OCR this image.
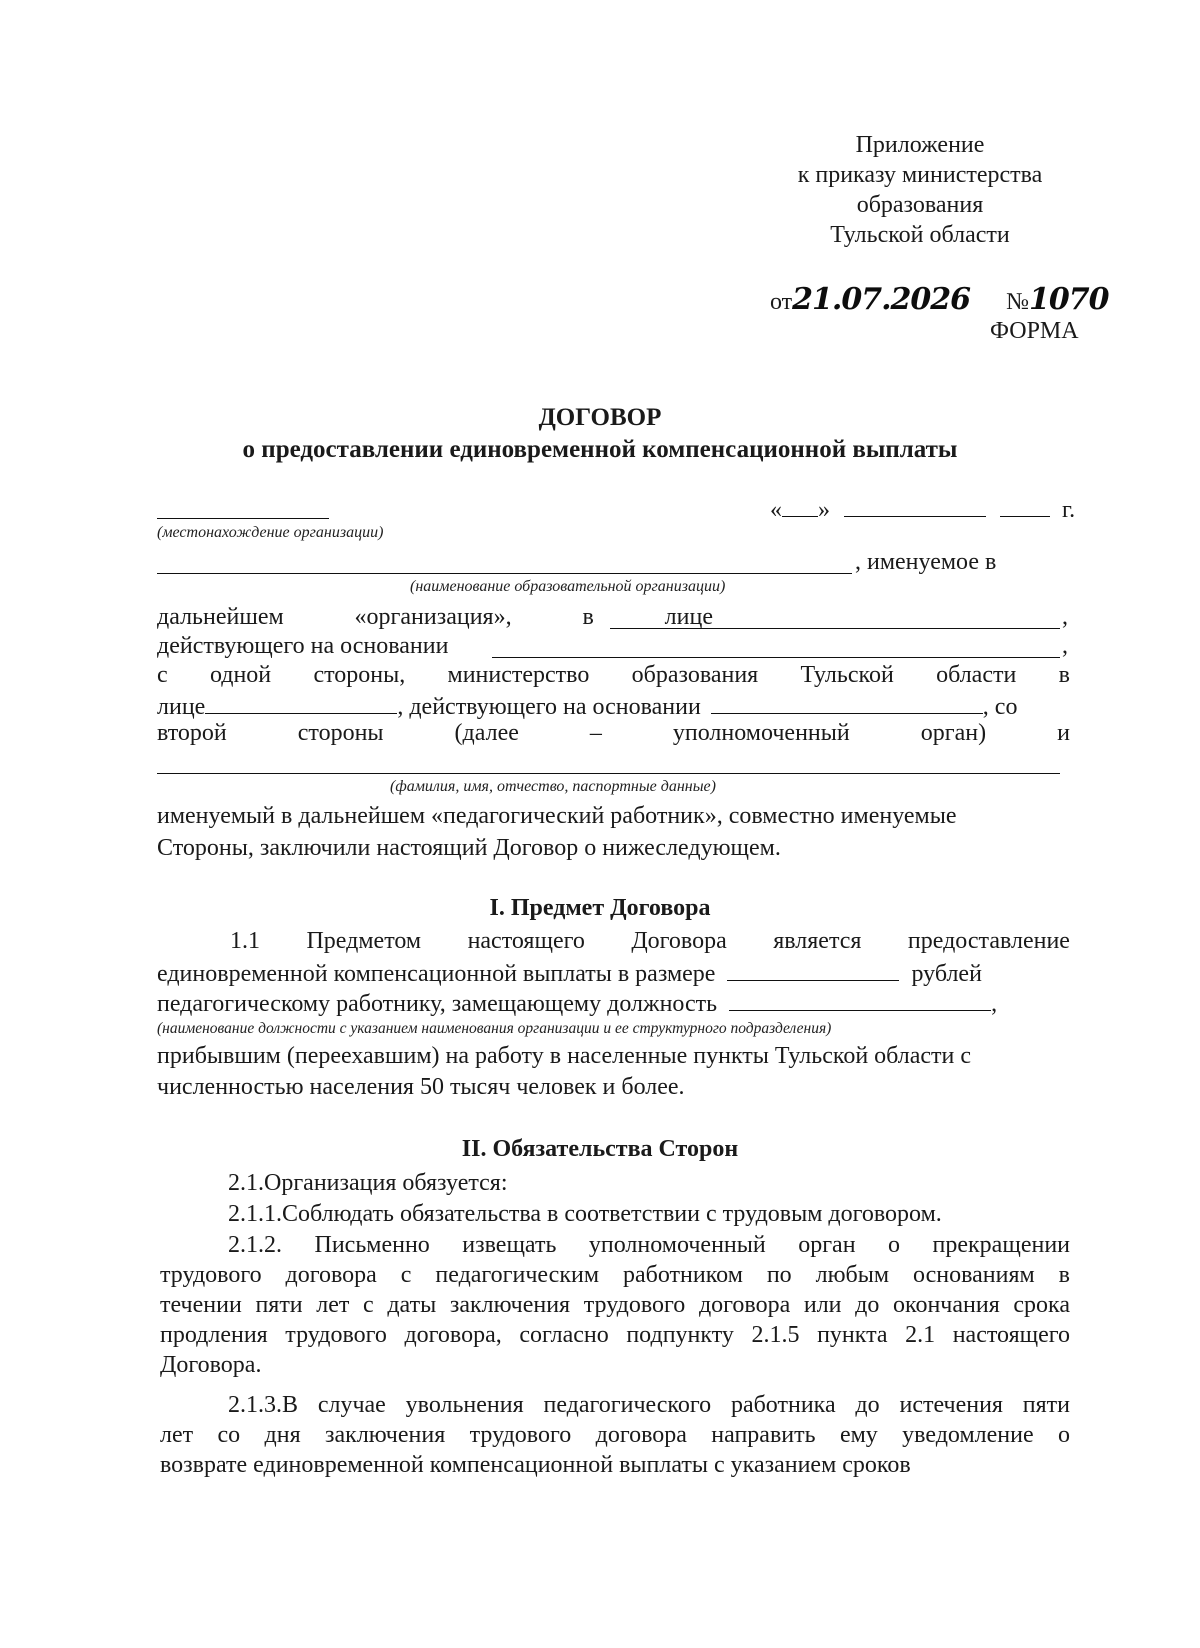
Приложение
к приказу министерства
образования
Тульской области
от21.07.2026 №1070
ФОРМА
ДОГОВОР
о предоставлении единовременной компенсационной выплаты
« »	г.
(местонахождение организации)
, именуемое в
(наименование образовательной организации)
дальнейшем	«организация»,	в	лице	,
действующего на основании	,
с одной стороны, министерство образования Тульской области в
лице	, действующего на основании	, со
второй	стороны	(далее	–	уполномоченный	орган)	и
(фамилия, имя, отчество, паспортные данные)
именуемый в дальнейшем «педагогический работник», совместно именуемые
Стороны, заключили настоящий Договор о нижеследующем.
I. Предмет Договора
1.1 Предметом настоящего Договора является предоставление
единовременной компенсационной выплаты в размере	рублей
педагогическому работнику, замещающему должность	,
(наименование должности с указанием наименования организации и ее структурного подразделения)
прибывшим (переехавшим) на работу в населенные пункты Тульской области с
численностью населения 50 тысяч человек и более.
II. Обязательства Сторон
2.1.Организация обязуется:
2.1.1.Соблюдать обязательства в соответствии с трудовым договором.
2.1.2. Письменно извещать уполномоченный орган о прекращении
трудового договора с педагогическим работником по любым основаниям в
течении пяти лет с даты заключения трудового договора или до окончания срока
продления трудового договора, согласно подпункту 2.1.5 пункта 2.1 настоящего
Договора.
2.1.3.В случае увольнения педагогического работника до истечения пяти
лет со дня заключения трудового договора направить ему уведомление о
возврате единовременной компенсационной выплаты с указанием сроков
